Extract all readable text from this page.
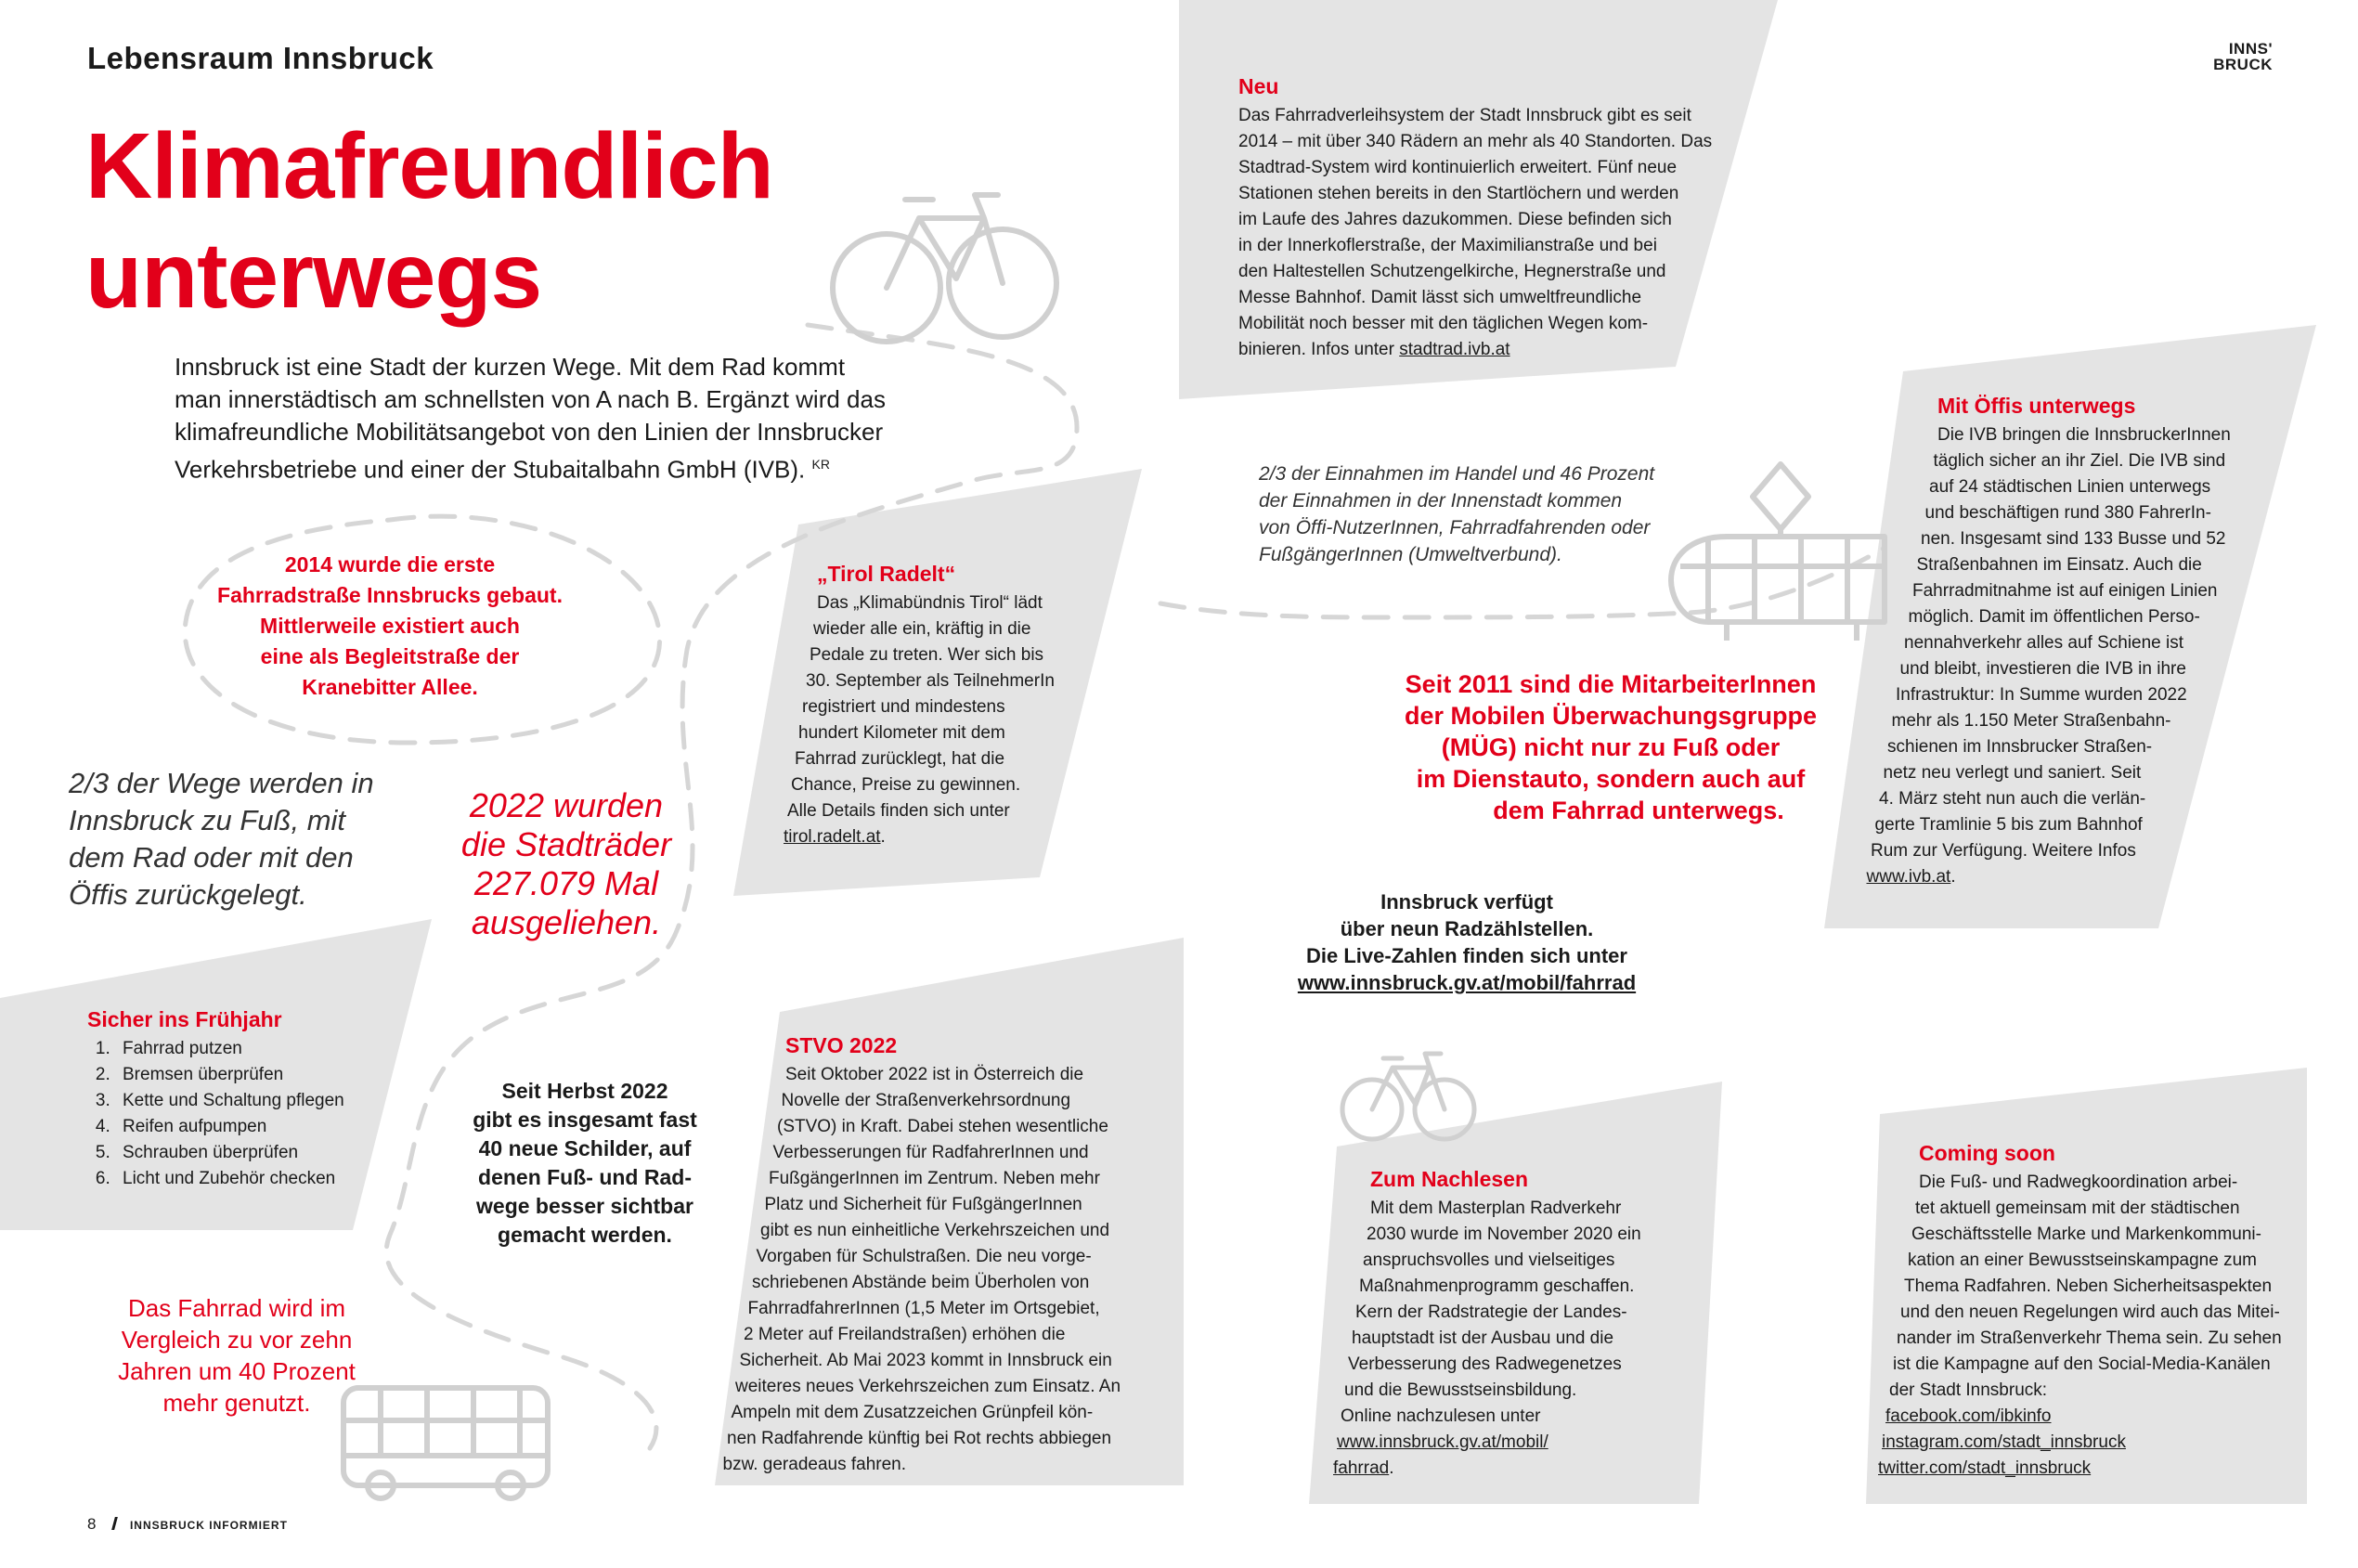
Lebensraum Innsbruck	INNS'
BRUCK
Klimafreundlich
unterwegs
Innsbruck ist eine Stadt der kurzen Wege. Mit dem Rad kommt
man innerstädtisch am schnellsten von A nach B. Ergänzt wird das
klimafreundliche Mobilitätsangebot von den Linien der Innsbrucker
Verkehrsbetriebe und einer der Stubaitalbahn GmbH (IVB). $^{KR}$
2014 wurde die erste
Fahrradstraße Innsbrucks gebaut.
Mittlerweile existiert auch
eine als Begleitstraße der
Kranebitter Allee.
2/3 der Wege werden in
Innsbruck zu Fuß, mit
dem Rad oder mit den
Öffis zurückgelegt.
2022 wurden
die Stadträder
227.079 Mal
ausgeliehen.
Sicher ins Frühjahr
1. Fahrrad putzen
2. Bremsen überprüfen
3. Kette und Schaltung pflegen
4. Reifen aufpumpen
5. Schrauben überprüfen
6. Licht und Zubehör checken
Seit Herbst 2022
gibt es insgesamt fast
40 neue Schilder, auf
denen Fuß- und Rad-
wege besser sichtbar
gemacht werden.
Das Fahrrad wird im
Vergleich zu vor zehn
Jahren um 40 Prozent
mehr genutzt.
„Tirol Radelt“
Das „Klimabündnis Tirol“ lädt
wieder alle ein, kräftig in die
Pedale zu treten. Wer sich bis
30. September als TeilnehmerIn
registriert und mindestens
hundert Kilometer mit dem
Fahrrad zurücklegt, hat die
Chance, Preise zu gewinnen.
Alle Details finden sich unter
tirol.radelt.at.
STVO 2022
Seit Oktober 2022 ist in Österreich die
Novelle der Straßenverkehrsordnung
(STVO) in Kraft. Dabei stehen wesentliche
Verbesserungen für RadfahrerInnen und
FußgängerInnen im Zentrum. Neben mehr
Platz und Sicherheit für FußgängerInnen
gibt es nun einheitliche Verkehrszeichen und
Vorgaben für Schulstraßen. Die neu vorge-
schriebenen Abstände beim Überholen von
FahrradfahrerInnen (1,5 Meter im Ortsgebiet,
2 Meter auf Freilandstraßen) erhöhen die
Sicherheit. Ab Mai 2023 kommt in Innsbruck ein
weiteres neues Verkehrszeichen zum Einsatz. An
Ampeln mit dem Zusatzzeichen Grünpfeil kön-
nen Radfahrende künftig bei Rot rechts abbiegen
bzw. geradeaus fahren.
Neu
Das Fahrradverleihsystem der Stadt Innsbruck gibt es seit
2014 – mit über 340 Rädern an mehr als 40 Standorten. Das
Stadtrad-System wird kontinuierlich erweitert. Fünf neue
Stationen stehen bereits in den Startlöchern und werden
im Laufe des Jahres dazukommen. Diese befinden sich
in der Innerkoflerstraße, der Maximilianstraße und bei
den Haltestellen Schutzengelkirche, Hegnerstraße und
Messe Bahnhof. Damit lässt sich umweltfreundliche
Mobilität noch besser mit den täglichen Wegen kom-
binieren. Infos unter stadtrad.ivb.at
2/3 der Einnahmen im Handel und 46 Prozent
der Einnahmen in der Innenstadt kommen
von Öffi-NutzerInnen, Fahrradfahrenden oder
FußgängerInnen (Umweltverbund).
Mit Öffis unterwegs
Die IVB bringen die InnsbruckerInnen
täglich sicher an ihr Ziel. Die IVB sind
auf 24 städtischen Linien unterwegs
und beschäftigen rund 380 FahrerIn-
nen. Insgesamt sind 133 Busse und 52
Straßenbahnen im Einsatz. Auch die
Fahrradmitnahme ist auf einigen Linien
möglich. Damit im öffentlichen Perso-
nennahverkehr alles auf Schiene ist
und bleibt, investieren die IVB in ihre
Infrastruktur: In Summe wurden 2022
mehr als 1.150 Meter Straßenbahn-
schienen im Innsbrucker Straßen-
netz neu verlegt und saniert. Seit
4. März steht nun auch die verlän-
gerte Tramlinie 5 bis zum Bahnhof
Rum zur Verfügung. Weitere Infos
www.ivb.at.
Seit 2011 sind die MitarbeiterInnen
der Mobilen Überwachungsgruppe
(MÜG) nicht nur zu Fuß oder
im Dienstauto, sondern auch auf
dem Fahrrad unterwegs.
Innsbruck verfügt
über neun Radzählstellen.
Die Live-Zahlen finden sich unter
www.innsbruck.gv.at/mobil/fahrrad
Zum Nachlesen
Mit dem Masterplan Radverkehr
2030 wurde im November 2020 ein
anspruchsvolles und vielseitiges
Maßnahmenprogramm geschaffen.
Kern der Radstrategie der Landes-
hauptstadt ist der Ausbau und die
Verbesserung des Radwegenetzes
und die Bewusstseinsbildung.
Online nachzulesen unter
www.innsbruck.gv.at/mobil/
fahrrad.
Coming soon
Die Fuß- und Radwegkoordination arbei-
tet aktuell gemeinsam mit der städtischen
Geschäftsstelle Marke und Markenkommuni-
kation an einer Bewusstseinskampagne zum
Thema Radfahren. Neben Sicherheitsaspekten
und den neuen Regelungen wird auch das Mitei-
nander im Straßenverkehr Thema sein. Zu sehen
ist die Kampagne auf den Social-Media-Kanälen
der Stadt Innsbruck:
facebook.com/ibkinfo
instagram.com/stadt_innsbruck
twitter.com/stadt_innsbruck
8	INNSBRUCK INFORMIERT
